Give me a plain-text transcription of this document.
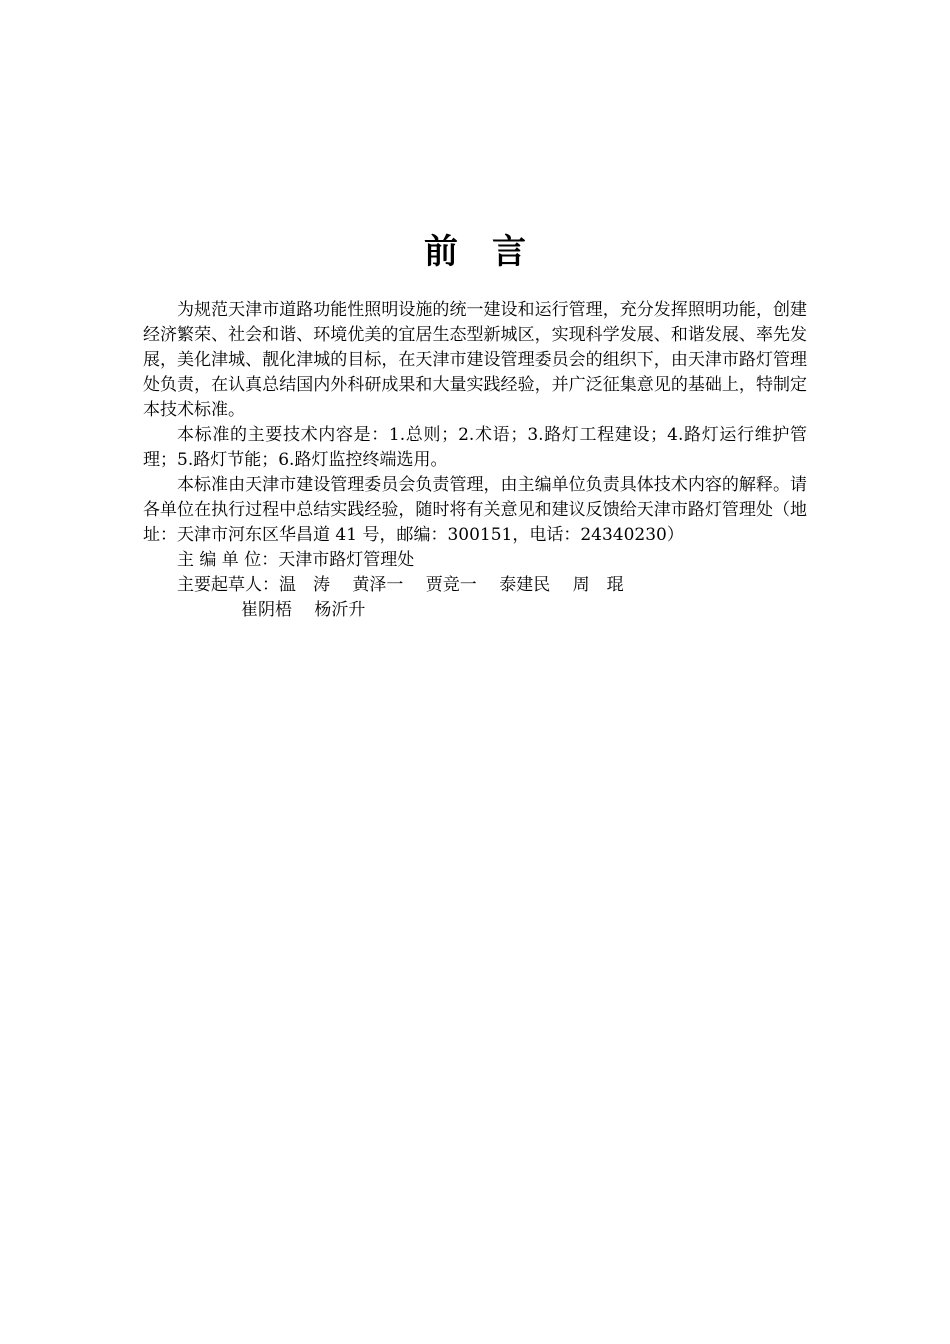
前 言

为规范天津市道路功能性照明设施的统一建设和运行管理，充分发挥照明功能，创建经济繁荣、社会和谐、环境优美的宜居生态型新城区，实现科学发展、和谐发展、率先发展，美化津城、靓化津城的目标，在天津市建设管理委员会的组织下，由天津市路灯管理处负责，在认真总结国内外科研成果和大量实践经验，并广泛征集意见的基础上，特制定本技术标准。

本标准的主要技术内容是：1.总则；2.术语；3.路灯工程建设；4.路灯运行维护管理；5.路灯节能；6.路灯监控终端选用。

本标准由天津市建设管理委员会负责管理，由主编单位负责具体技术内容的解释。请各单位在执行过程中总结实践经验，随时将有关意见和建议反馈给天津市路灯管理处（地址：天津市河东区华昌道 41 号，邮编：300151，电话：24340230）

主 编 单 位：天津市路灯管理处

主要起草人：温　涛　 黄泽一　 贾竞一　 泰建民　 周　琨

崔阴梧　 杨沂升
